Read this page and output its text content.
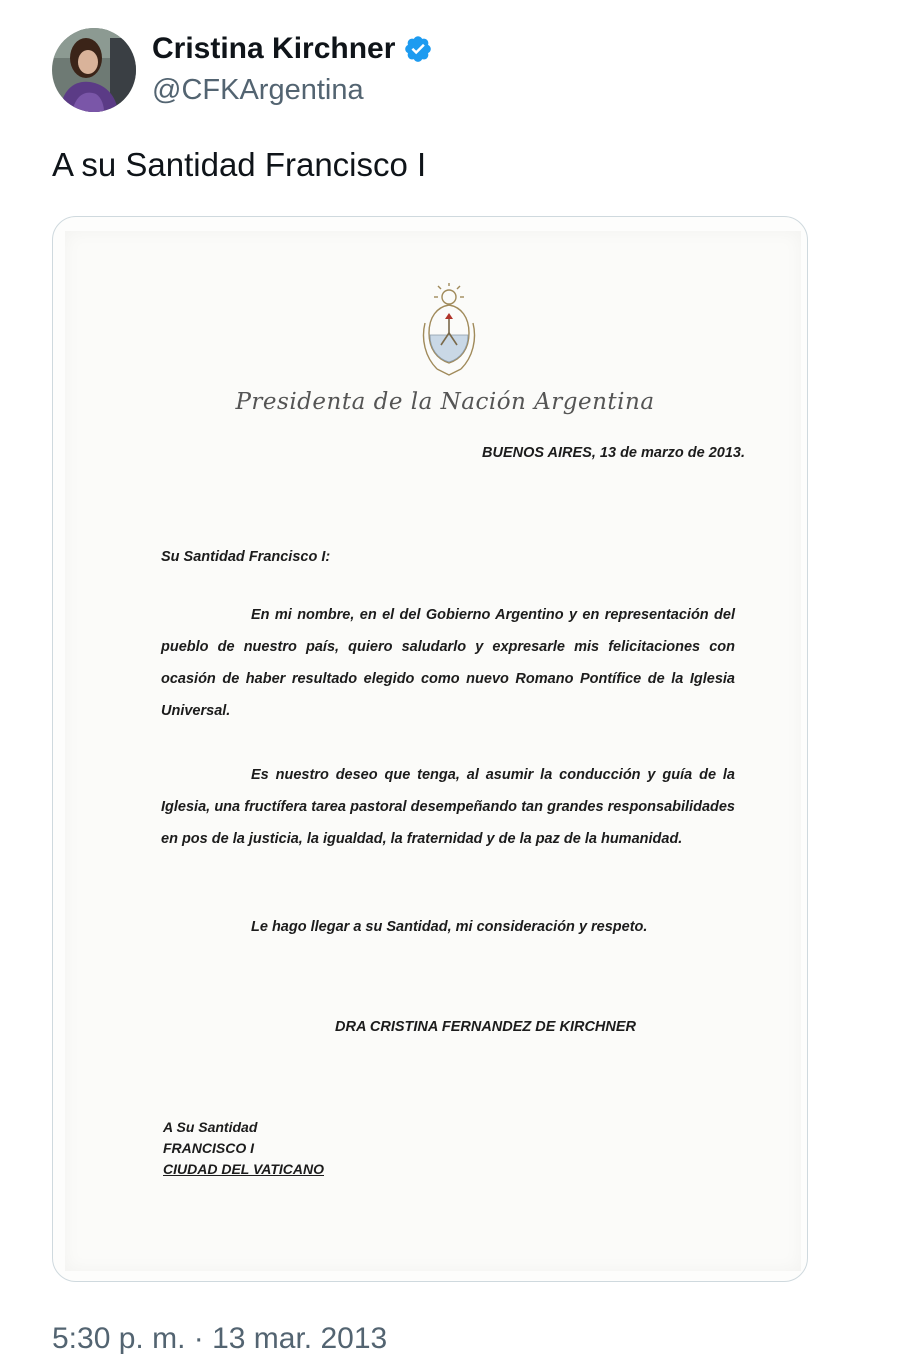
Cristina Kirchner
@CFKArgentina
A su Santidad Francisco I
Presidenta de la Nación Argentina
BUENOS AIRES, 13 de marzo de 2013.
Su Santidad Francisco I:
En mi nombre, en el del Gobierno Argentino y en representación del pueblo de nuestro país, quiero saludarlo y expresarle mis felicitaciones con ocasión de haber resultado elegido como nuevo Romano Pontífice de la Iglesia Universal.
Es nuestro deseo que tenga, al asumir la conducción y guía de la Iglesia, una fructífera tarea pastoral desempeñando tan grandes responsabilidades en pos de la justicia, la igualdad, la fraternidad y de la paz de la humanidad.
Le hago llegar a su Santidad, mi consideración y respeto.
DRA CRISTINA FERNANDEZ DE KIRCHNER
A Su Santidad
FRANCISCO I
CIUDAD DEL VATICANO
5:30 p. m. · 13 mar. 2013
